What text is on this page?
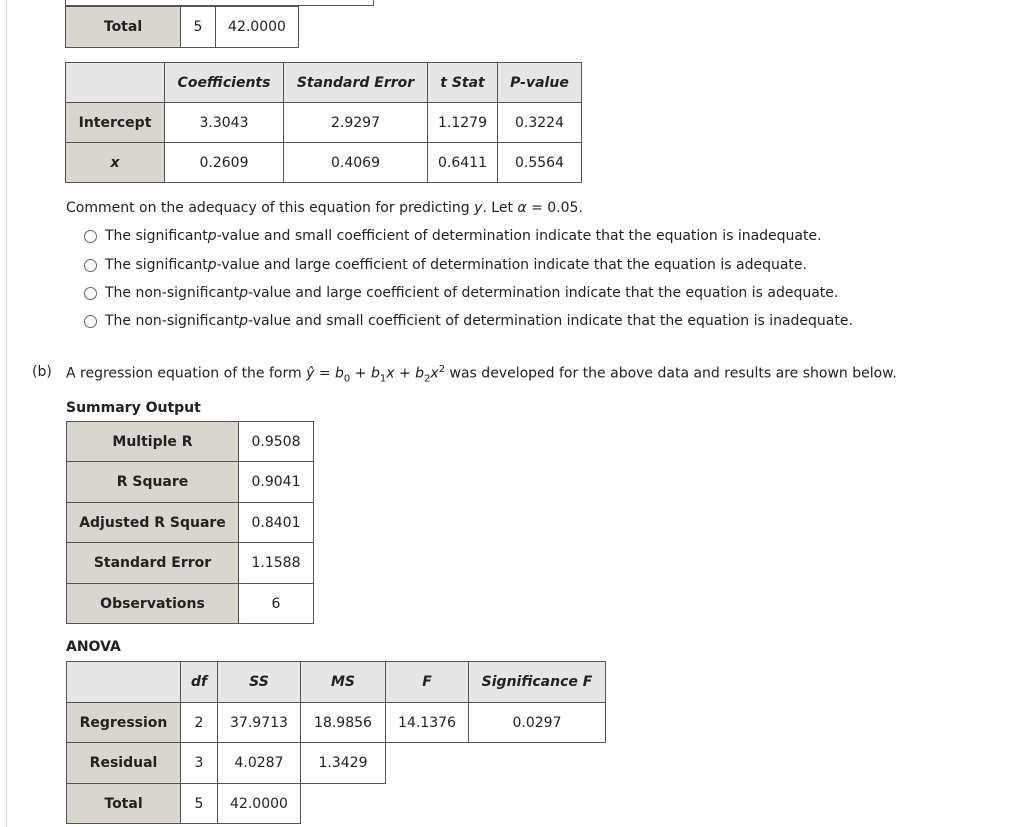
Total	5	42.0000
	Coefficients	Standard Error	t Stat	P-value
Intercept	3.3043	2.9297	1.1279	0.3224
x	0.2609	0.4069	0.6411	0.5564
Comment on the adequacy of this equation for predicting y. Let α = 0.05.
The significant p -value and small coefficient of determination indicate that the equation is inadequate.
The significant p -value and large coefficient of determination indicate that the equation is adequate.
The non-significant p -value and large coefficient of determination indicate that the equation is adequate.
The non-significant p -value and small coefficient of determination indicate that the equation is inadequate.
(b) A regression equation of the form ŷ = $b_0 + b_1x + b_2x^2$ was developed for the above data and results are shown below.
Summary Output
Multiple R	0.9508
R Square	0.9041
Adjusted R Square	0.8401
Standard Error	1.1588
Observations	6
ANOVA
	df	SS	MS	F	Significance F
Regression	2	37.9713	18.9856	14.1376	0.0297
Residual	3	4.0287	1.3429		
Total	5	42.0000			
